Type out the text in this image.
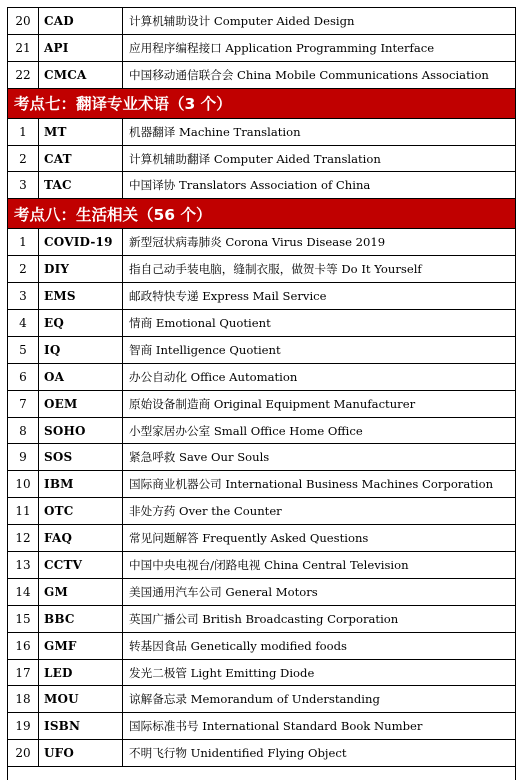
20	CAD	计算机辅助设计 Computer Aided Design
21	API	应用程序编程接口 Application Programming Interface
22	CMCA	中国移动通信联合会 China Mobile Communications Association
考点七：翻译专业术语（3 个）
1	MT	机器翻译 Machine Translation
2	CAT	计算机辅助翻译 Computer Aided Translation
3	TAC	中国译协 Translators Association of China
考点八：生活相关（56 个）
1	COVID-19	新型冠状病毒肺炎 Corona Virus Disease 2019
2	DIY	指自己动手装电脑，缝制衣服，做贺卡等 Do It Yourself
3	EMS	邮政特快专递 Express Mail Service
4	EQ	情商 Emotional Quotient
5	IQ	智商 Intelligence Quotient
6	OA	办公自动化 Office Automation
7	OEM	原始设备制造商 Original Equipment Manufacturer
8	SOHO	小型家居办公室 Small Office Home Office
9	SOS	紧急呼救 Save Our Souls
10	IBM	国际商业机器公司 International Business Machines Corporation
11	OTC	非处方药 Over the Counter
12	FAQ	常见问题解答 Frequently Asked Questions
13	CCTV	中国中央电视台/闭路电视 China Central Television
14	GM	美国通用汽车公司 General Motors
15	BBC	英国广播公司 British Broadcasting Corporation
16	GMF	转基因食品 Genetically modified foods
17	LED	发光二极管 Light Emitting Diode
18	MOU	谅解备忘录 Memorandum of Understanding
19	ISBN	国际标准书号 International Standard Book Number
20	UFO	不明飞行物 Unidentified Flying Object
